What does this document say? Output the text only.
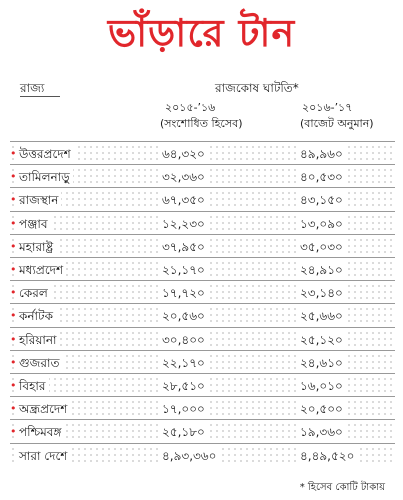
ভাঁড়ারে টান
রাজ্য	রাজকোষ ঘাটতি*
২০১৫-’১৬
(সংশোধিত হিসেব)
২০১৬-’১৭
(বাজেট অনুমান)
• উত্তরপ্রদেশ	৬৪,৩২০	৪৯,৯৬০
• তামিলনাড়ু	৩২,৩৬০	৪০,৫৩০
• রাজস্থান	৬৭,৩৫০	৪৩,১৫০
• পঞ্জাব	১২,২৩০	১৩,০৯০
• মহারাষ্ট্র	৩৭,৯৫০	৩৫,০৩০
• মধ্যপ্রদেশ	২১,১৭০	২৪,৯১০
• কেরল	১৭,৭২০	২৩,১৪০
• কর্নাটক	২০,৫৬০	২৫,৬৬০
• হরিয়ানা	৩০,৪০০	২৫,১২০
• গুজরাত	২২,১৭০	২৪,৬১০
• বিহার	২৮,৫১০	১৬,০১০
• অন্ধ্রপ্রদেশ	১৭,০০০	২০,৫০০
• পশ্চিমবঙ্গ	২৫,১৮০	১৯,৩৬০
সারা দেশে	৪,৯৩,৩৬০	৪,৪৯,৫২০
* হিসেব কোটি টাকায়
